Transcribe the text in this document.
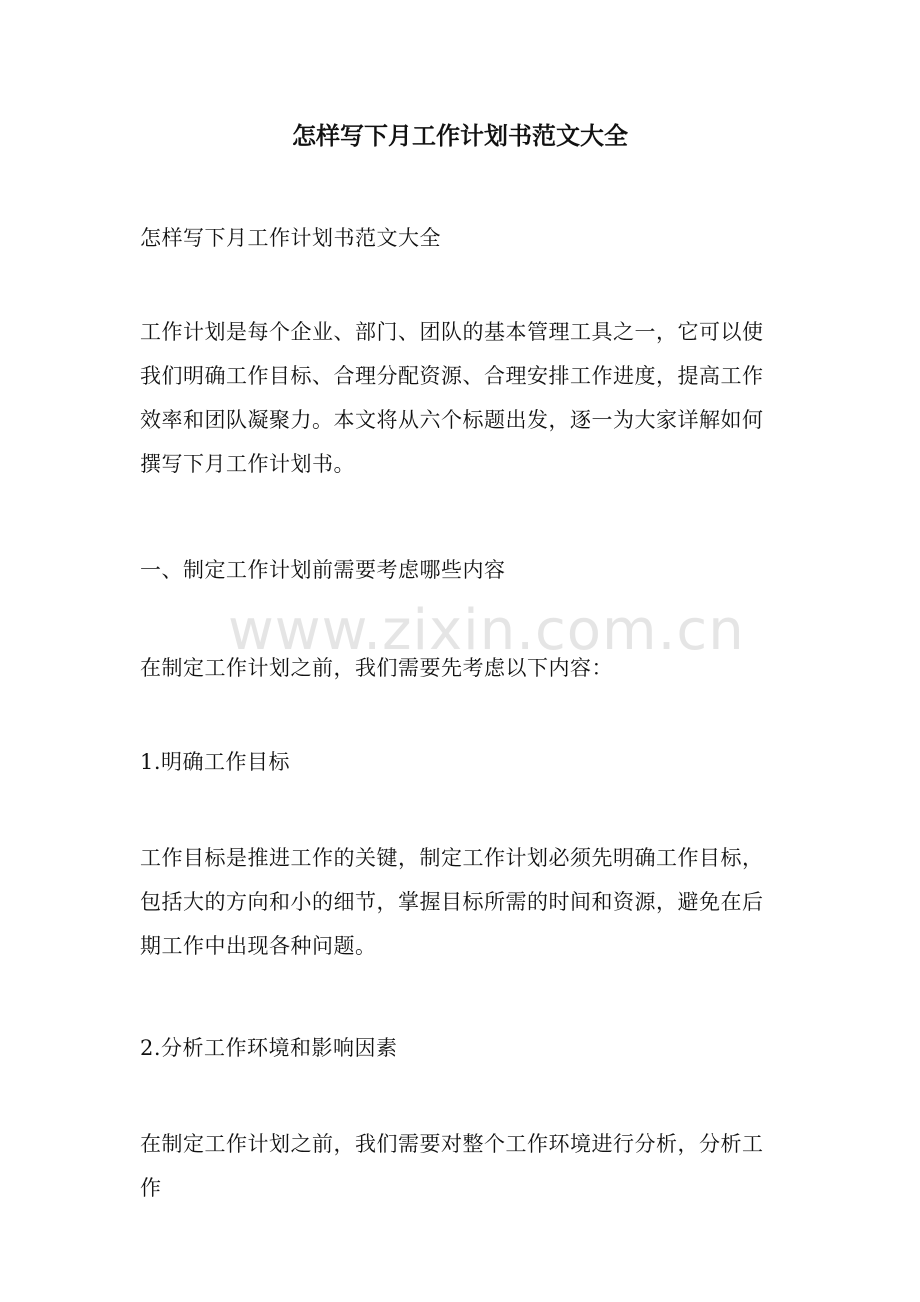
怎样写下月工作计划书范文大全

怎样写下月工作计划书范文大全

工作计划是每个企业、部门、团队的基本管理工具之一，它可以使我们明确工作目标、合理分配资源、合理安排工作进度，提高工作效率和团队凝聚力。本文将从六个标题出发，逐一为大家详解如何撰写下月工作计划书。

一、制定工作计划前需要考虑哪些内容

在制定工作计划之前，我们需要先考虑以下内容：

1.明确工作目标

工作目标是推进工作的关键，制定工作计划必须先明确工作目标，包括大的方向和小的细节，掌握目标所需的时间和资源，避免在后期工作中出现各种问题。

2.分析工作环境和影响因素

在制定工作计划之前，我们需要对整个工作环境进行分析，分析工作

www.zixin.com.cn
